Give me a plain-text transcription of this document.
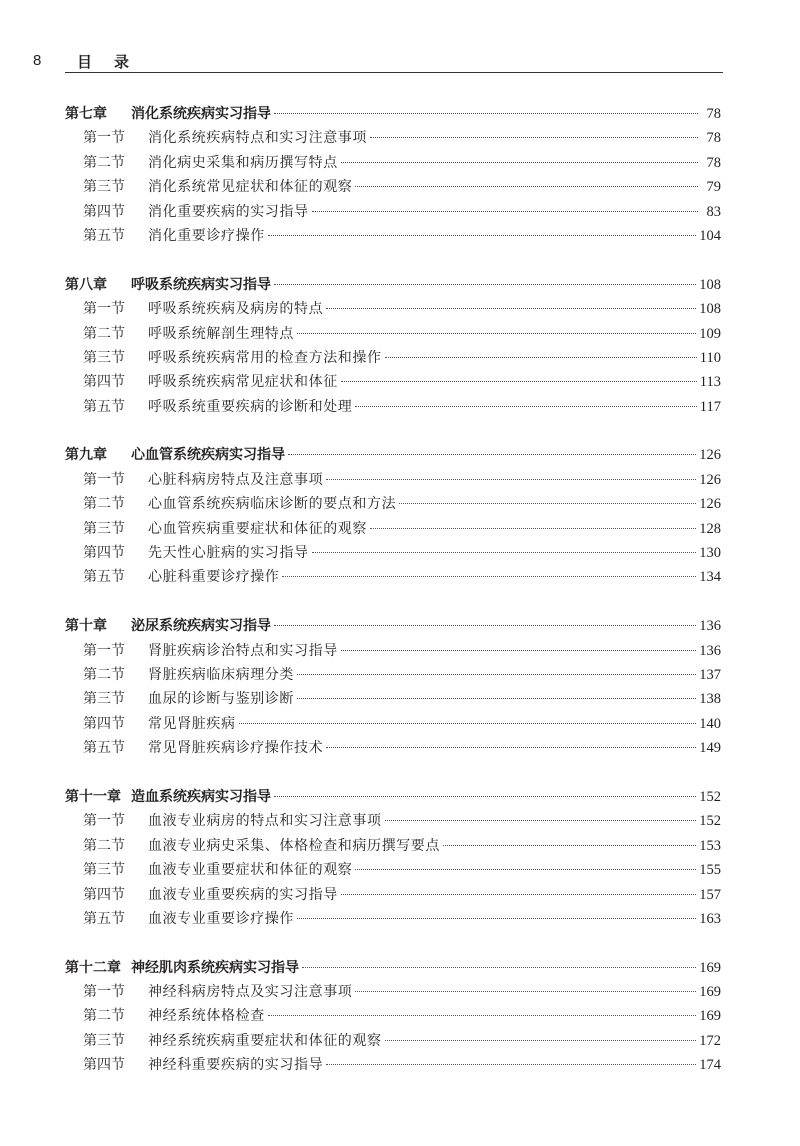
8 目录
第七章	消化系统疾病实习指导	78
第一节	消化系统疾病特点和实习注意事项	78
第二节	消化病史采集和病历撰写特点	78
第三节	消化系统常见症状和体征的观察	79
第四节	消化重要疾病的实习指导	83
第五节	消化重要诊疗操作	104
第八章	呼吸系统疾病实习指导	108
第一节	呼吸系统疾病及病房的特点	108
第二节	呼吸系统解剖生理特点	109
第三节	呼吸系统疾病常用的检查方法和操作	110
第四节	呼吸系统疾病常见症状和体征	113
第五节	呼吸系统重要疾病的诊断和处理	117
第九章	心血管系统疾病实习指导	126
第一节	心脏科病房特点及注意事项	126
第二节	心血管系统疾病临床诊断的要点和方法	126
第三节	心血管疾病重要症状和体征的观察	128
第四节	先天性心脏病的实习指导	130
第五节	心脏科重要诊疗操作	134
第十章	泌尿系统疾病实习指导	136
第一节	肾脏疾病诊治特点和实习指导	136
第二节	肾脏疾病临床病理分类	137
第三节	血尿的诊断与鉴别诊断	138
第四节	常见肾脏疾病	140
第五节	常见肾脏疾病诊疗操作技术	149
第十一章 造血系统疾病实习指导	152
第一节	血液专业病房的特点和实习注意事项	152
第二节	血液专业病史采集、体格检查和病历撰写要点	153
第三节	血液专业重要症状和体征的观察	155
第四节	血液专业重要疾病的实习指导	157
第五节	血液专业重要诊疗操作	163
第十二章 神经肌肉系统疾病实习指导	169
第一节	神经科病房特点及实习注意事项	169
第二节	神经系统体格检查	169
第三节	神经系统疾病重要症状和体征的观察	172
第四节	神经科重要疾病的实习指导	174
